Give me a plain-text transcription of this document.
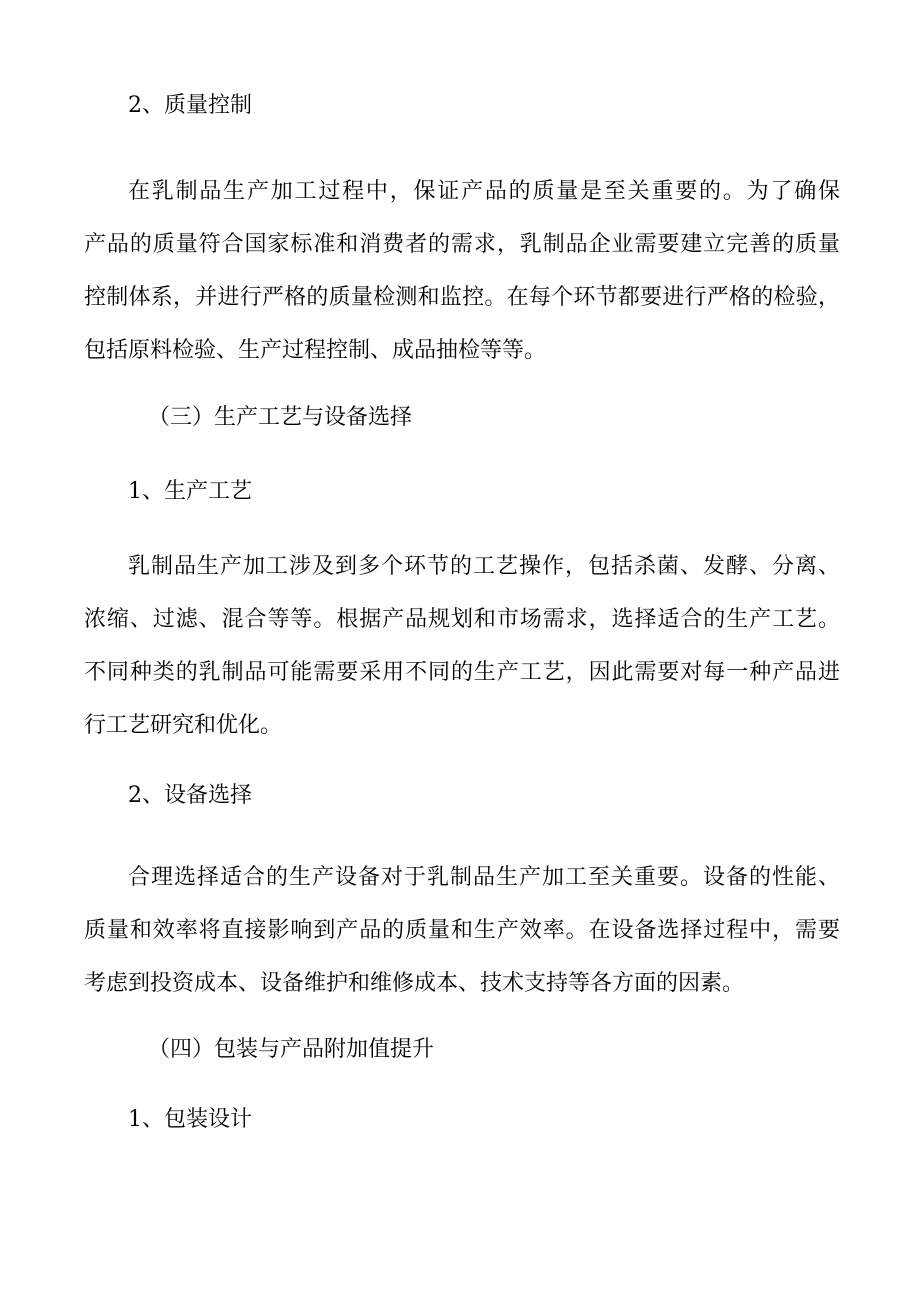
2、质量控制
在乳制品生产加工过程中，保证产品的质量是至关重要的。为了确保
产品的质量符合国家标准和消费者的需求，乳制品企业需要建立完善的质量
控制体系，并进行严格的质量检测和监控。在每个环节都要进行严格的检验，
包括原料检验、生产过程控制、成品抽检等等。
（三）生产工艺与设备选择
1、生产工艺
乳制品生产加工涉及到多个环节的工艺操作，包括杀菌、发酵、分离、
浓缩、过滤、混合等等。根据产品规划和市场需求，选择适合的生产工艺。
不同种类的乳制品可能需要采用不同的生产工艺，因此需要对每一种产品进
行工艺研究和优化。
2、设备选择
合理选择适合的生产设备对于乳制品生产加工至关重要。设备的性能、
质量和效率将直接影响到产品的质量和生产效率。在设备选择过程中，需要
考虑到投资成本、设备维护和维修成本、技术支持等各方面的因素。
（四）包装与产品附加值提升
1、包装设计
